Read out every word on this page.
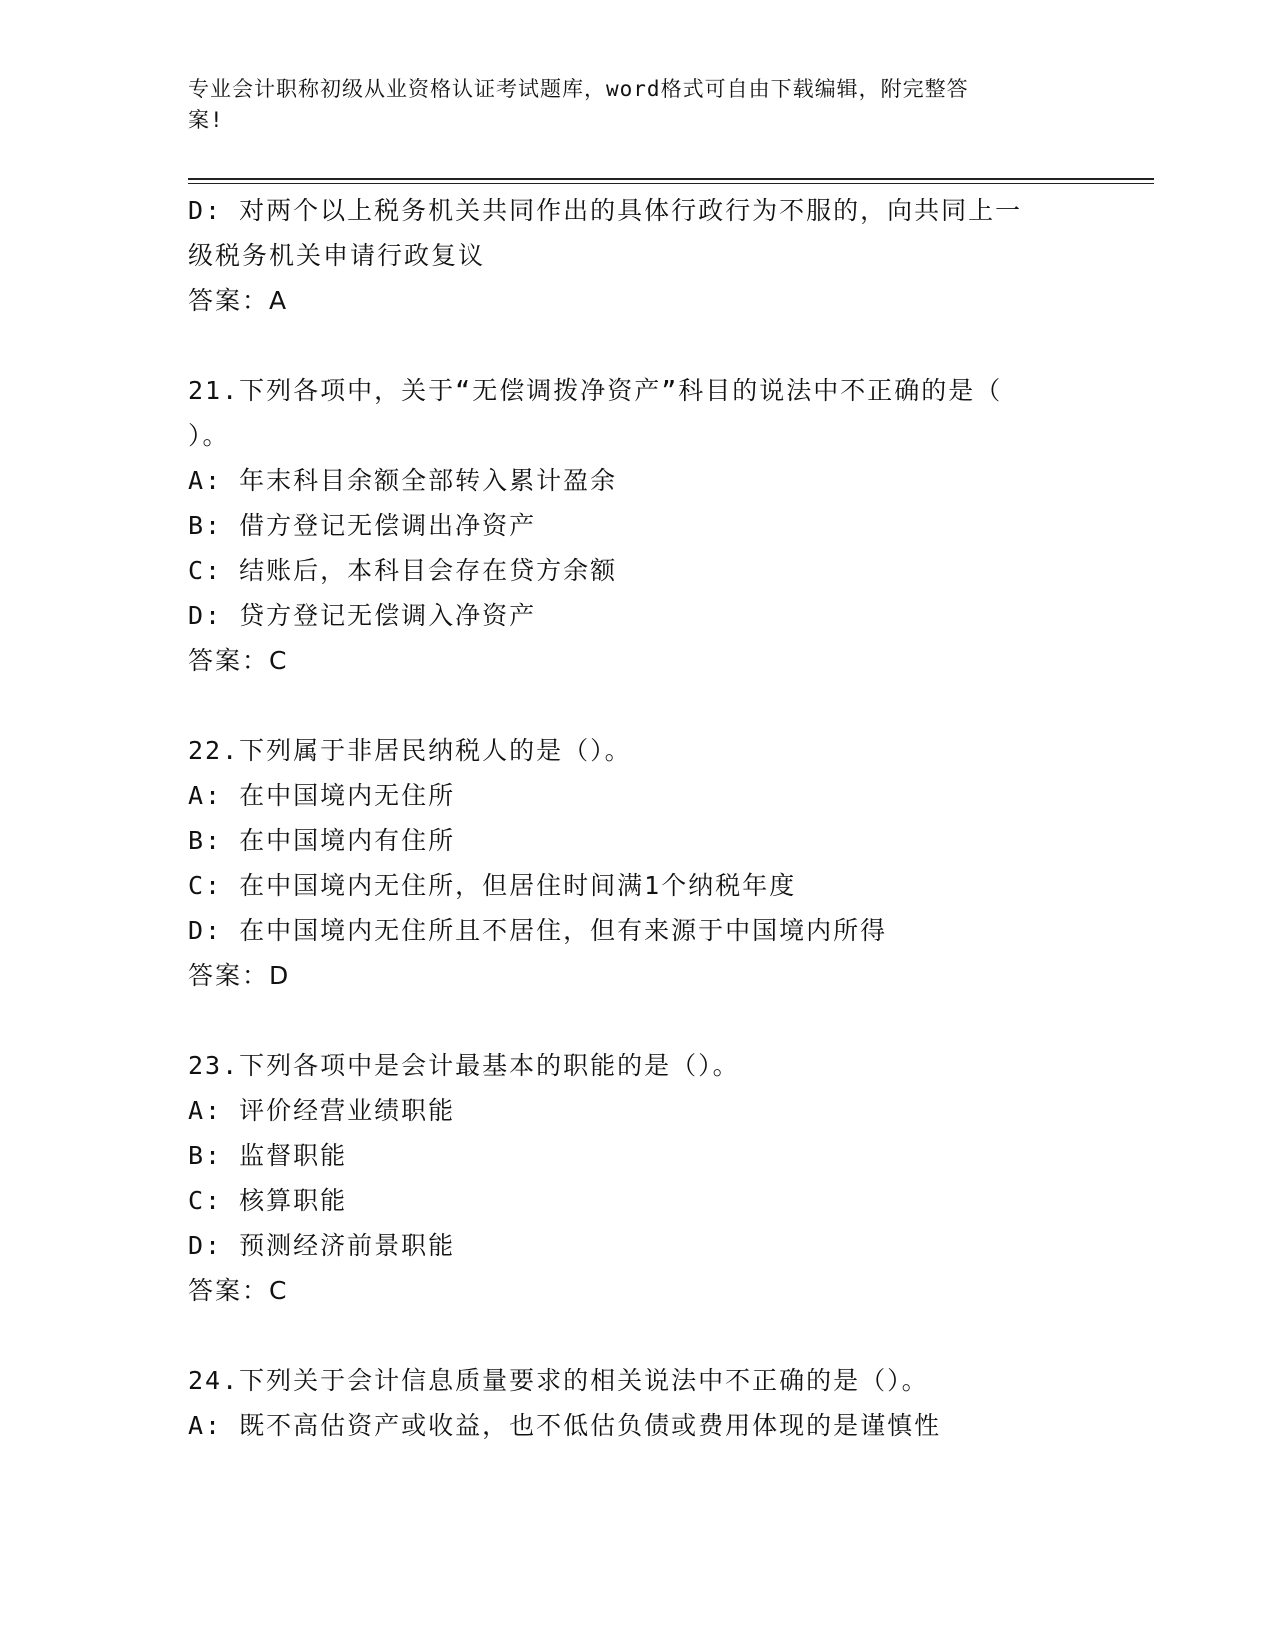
专业会计职称初级从业资格认证考试题库，word格式可自由下载编辑，附完整答
案!
D: 对两个以上税务机关共同作出的具体行政行为不服的，向共同上一
级税务机关申请行政复议
答案：A
21.下列各项中，关于“无偿调拨净资产”科目的说法中不正确的是（
）。
A: 年末科目余额全部转入累计盈余
B: 借方登记无偿调出净资产
C: 结账后，本科目会存在贷方余额
D: 贷方登记无偿调入净资产
答案：C
22.下列属于非居民纳税人的是（）。
A: 在中国境内无住所
B: 在中国境内有住所
C: 在中国境内无住所，但居住时间满1个纳税年度
D: 在中国境内无住所且不居住，但有来源于中国境内所得
答案：D
23.下列各项中是会计最基本的职能的是（）。
A: 评价经营业绩职能
B: 监督职能
C: 核算职能
D: 预测经济前景职能
答案：C
24.下列关于会计信息质量要求的相关说法中不正确的是（）。
A: 既不高估资产或收益，也不低估负债或费用体现的是谨慎性
